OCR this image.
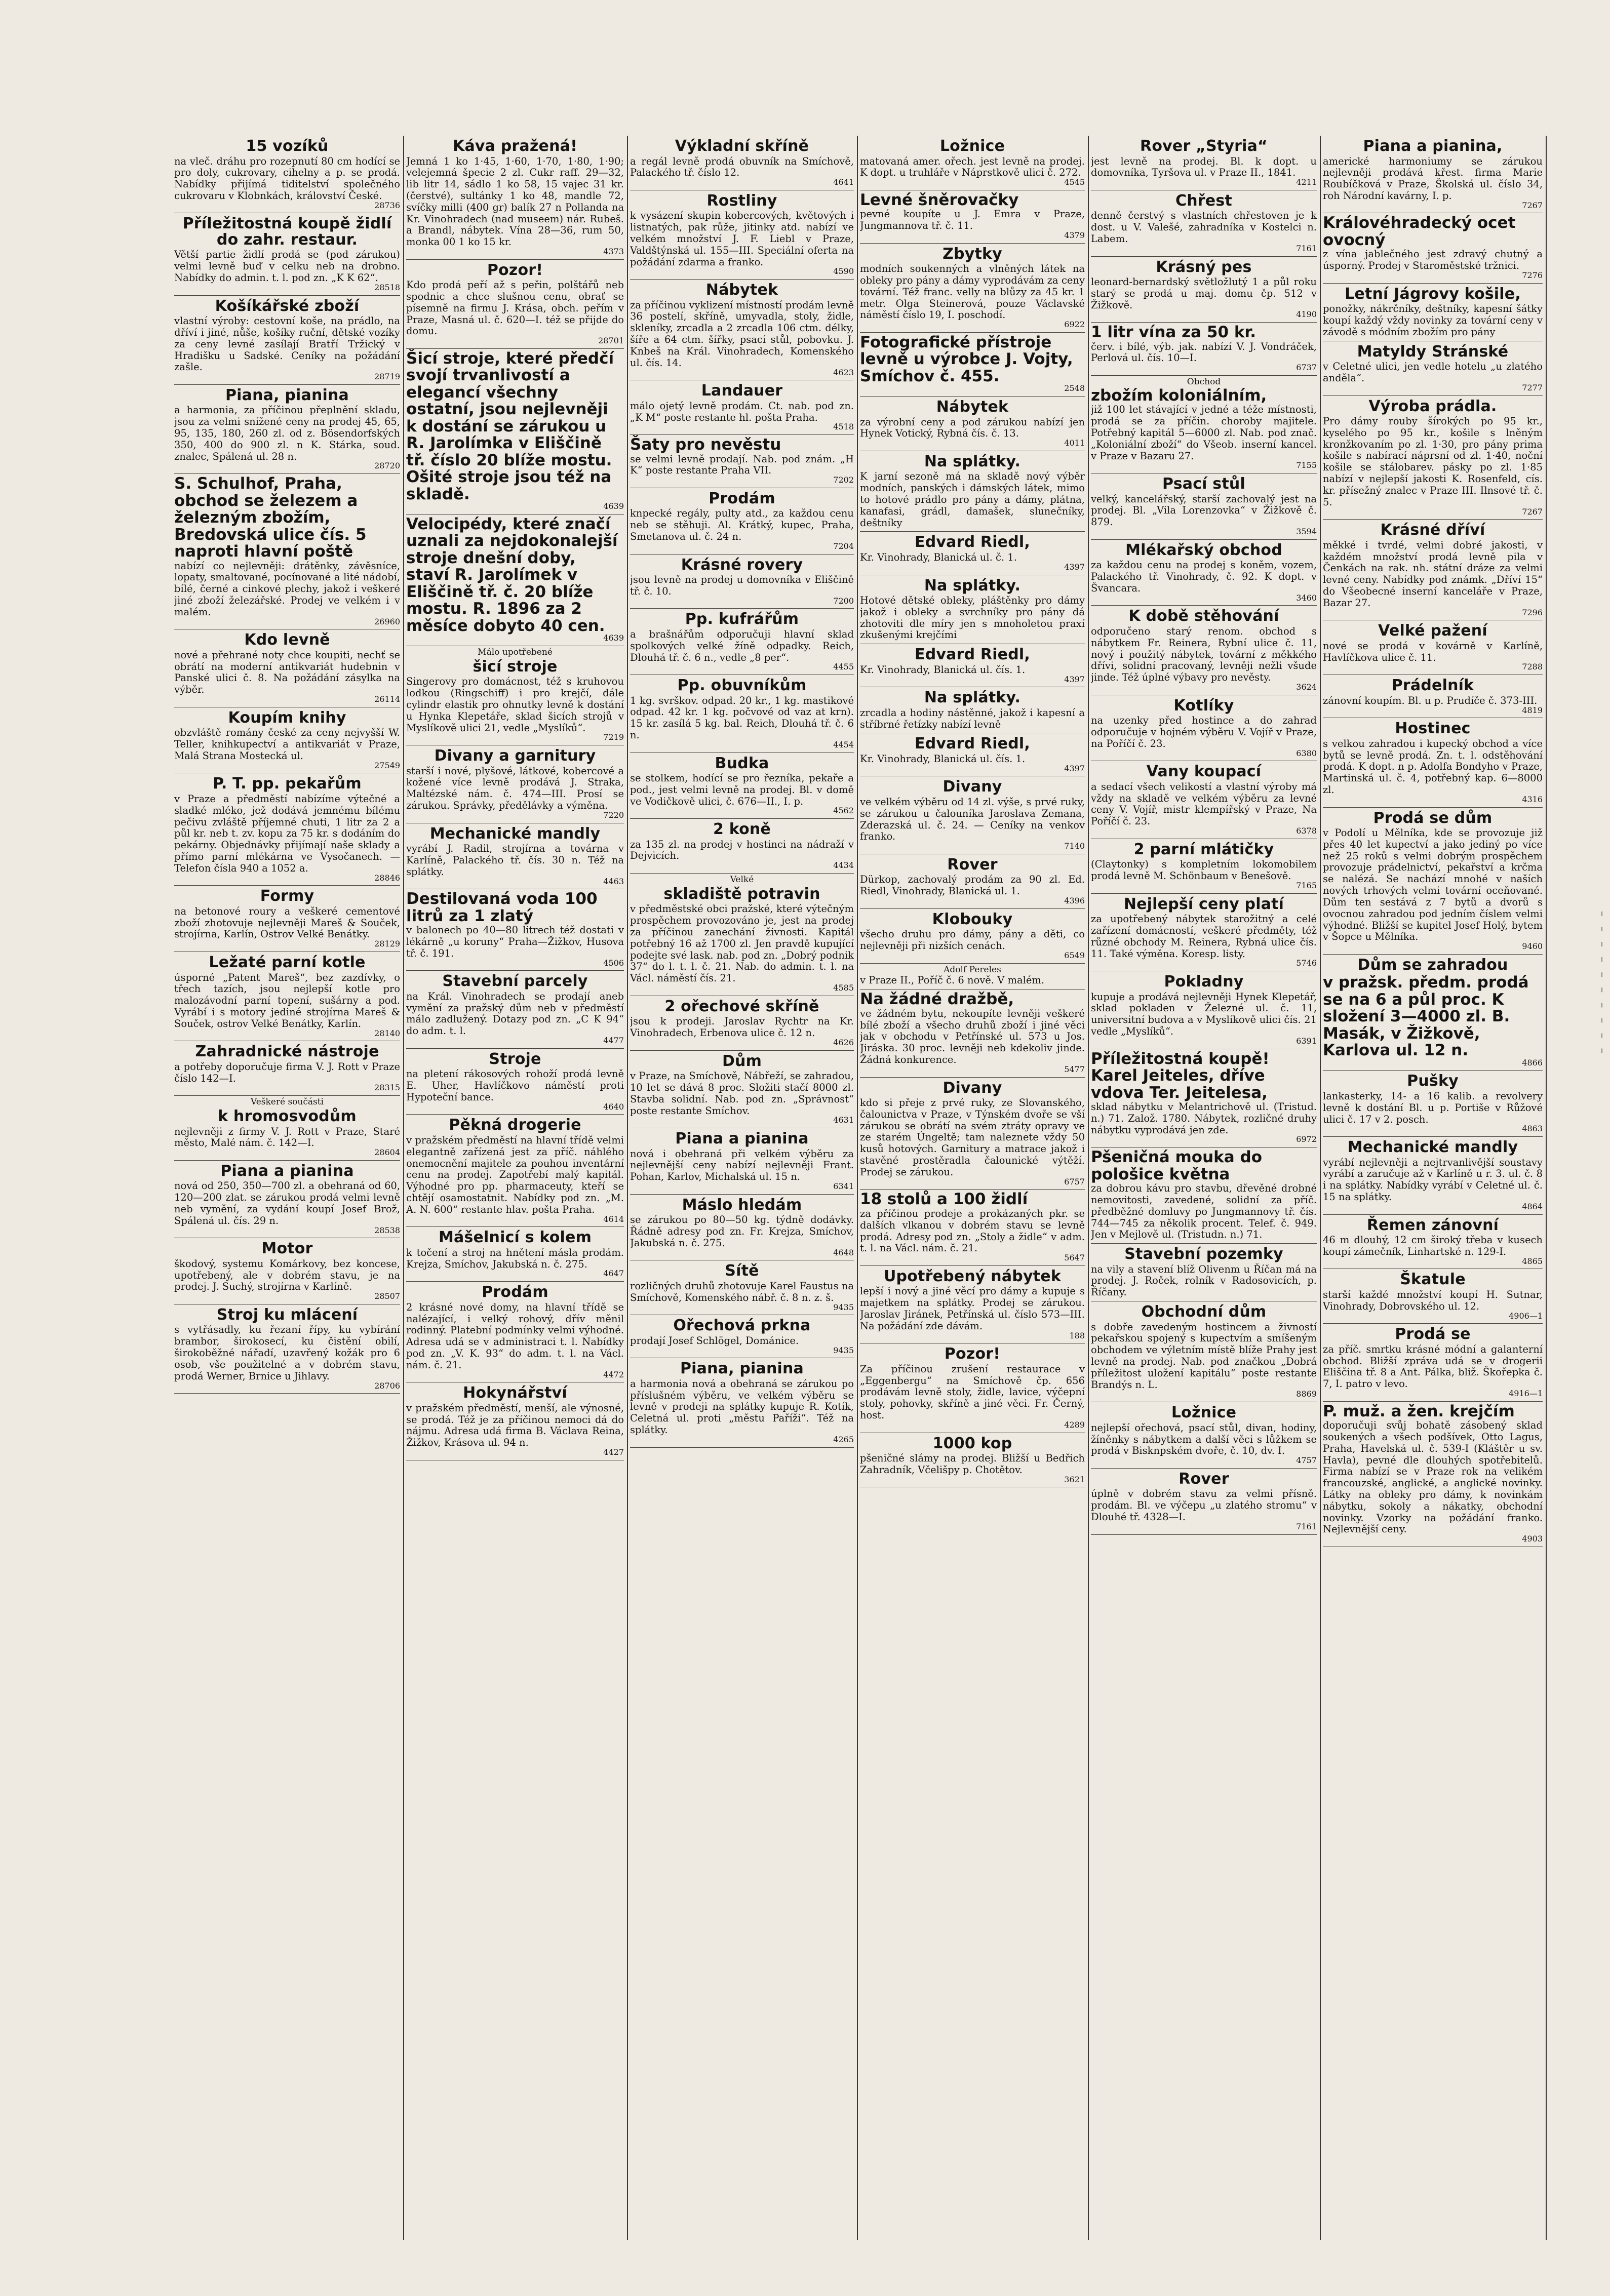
15 vozíků

na vleč. dráhu pro rozepnutí 80 cm hodící se pro doly, cukrovary, cihelny a p. se prodá. Nabídky přijímá tiditelství společného cukrovaru v Klobnkách, království České.

28736
Příležitostná koupě židlí do zahr. restaur.

Větší partie židlí prodá se (pod zárukou) velmi levně buď v celku neb na drobno. Nabídky do admin. t. l. pod zn. „K K 62“.

28518
Košíkářské zboží

vlastní výroby: cestovní koše, na prádlo, na dříví i jiné, nůše, košíky ruční, dětské vozíky za ceny levné zasílají Bratří Tržický v Hradišku u Sadské. Ceníky na požádání zašle.

28719
Piana, pianina

a harmonia, za příčinou přeplnění skladu, jsou za velmi snížené ceny na prodej 45, 65, 95, 135, 180, 260 zl. od z. Bösendorfských 350, 400 do 900 zl. n K. Stárka, soud. znalec, Spálená ul. 28 n.

28720

S. Schulhof, Praha, obchod se železem a železným zbožím, Bredovská ulice čís. 5 naproti hlavní poště

nabízí co nejlevněji: drátěnky, závěsníce, lopaty, smaltované, pocínované a lité nádobí, bílé, černé a cinkové plechy, jakož i veškeré jiné zboží železářské. Prodej ve velkém i v malém.

26960
Kdo levně

nové a přehrané noty chce koupiti, nechť se obrátí na moderní antikvariát hudebnin v Panské ulici č. 8. Na požádání zásylka na výběr.

26114
Koupím knihy

obzvláště romány české za ceny nejvyšší W. Teller, knihkupectví a antikvariát v Praze, Malá Strana Mostecká ul.

27549
P. T. pp. pekařům

v Praze a předměstí nabízíme výtečné a sladké mléko, jež dodává jemnému bílému pečivu zvláště příjemné chuti, 1 litr za 2 a půl kr. neb t. zv. kopu za 75 kr. s dodáním do pekárny. Objednávky přijímají naše sklady a přímo parní mlékárna ve Vysočanech. — Telefon čísla 940 a 1052 a.

28846
Formy

na betonové roury a veškeré cementové zboží zhotovuje nejlevněji Mareš & Souček, strojírna, Karlín, Ostrov Velké Benátky.

28129
Ležaté parní kotle

úsporné „Patent Mareš“, bez zazdívky, o třech tazích, jsou nejlepší kotle pro malozávodní parní topení, sušárny a pod. Vyrábí i s motory jediné strojírna Mareš & Souček, ostrov Velké Benátky, Karlín.

28140
Zahradnické nástroje

a potřeby doporučuje firma V. J. Rott v Praze číslo 142—I.

28315

Veškeré součásti

k hromosvodům

nejlevněji z firmy V. J. Rott v Praze, Staré město, Malé nám. č. 142—I.

28604
Piana a pianina

nová od 250, 350—700 zl. a obehraná od 60, 120—200 zlat. se zárukou prodá velmi levně neb vymění, za vydání koupí Josef Brož, Spálená ul. čís. 29 n.

28538
Motor

škodový, systemu Komárkovy, bez koncese, upotřebený, ale v dobrém stavu, je na prodej. J. Suchý, strojírna v Karlíně.

28507
Stroj ku mlácení

s vytřásadly, ku řezaní řípy, ku vybírání brambor, širokosecí, ku čistění obilí, širokoběžné nářadí, uzavřený kožák pro 6 osob, vše použitelné a v dobrém stavu, prodá Werner, Brnice u Jihlavy.

28706
Káva pražená!

Jemná 1 ko 1·45, 1·60, 1·70, 1·80, 1·90; velejemná špecie 2 zl. Cukr raff. 29—32, lib litr 14, sádlo 1 ko 58, 15 vajec 31 kr. (čerstvé), sultánky 1 ko 48, mandle 72, svíčky milli (400 gr) balík 27 n Pollanda na Kr. Vinohradech (nad museem) nár. Rubeš. a Brandl, nábytek. Vína 28—36, rum 50, monka 00 1 ko 15 kr.

4373
Pozor!

Kdo prodá peří až s peřin, polštářů neb spodnic a chce slušnou cenu, obrať se písemně na firmu J. Krása, obch. peřím v Praze, Masná ul. č. 620—I. též se přijde do domu.

28701

Šicí stroje, které předčí svojí trvanlivostí a elegancí všechny ostatní, jsou nejlevněji k dostání se zárukou u R. Jarolímka v Eliščině tř. číslo 20 blíže mostu. Ošité stroje jsou též na skladě.

4639

Velocipédy, které značí uznali za nejdokonalejší stroje dnešní doby, staví R. Jarolímek v Eliščině tř. č. 20 blíže mostu. R. 1896 za 2 měsíce dobyto 40 cen.

4639

Málo upotřebené

šicí stroje

Singerovy pro domácnost, též s kruhovou lodkou (Ringschiff) i pro krejčí, dále cylindr elastik pro ohnutky levně k dostání u Hynka Klepetáře, sklad šicích strojů v Myslíkově ulici 21, vedle „Myslíků“.

7219
Divany a garnitury

starší i nové, plyšové, látkové, kobercové a kožené více levně prodává J. Straka, Maltézské nám. č. 474—III. Prosí se zárukou. Správky, předělávky a výměna.

7220
Mechanické mandly

vyrábí J. Radil, strojírna a továrna v Karlíně, Palackého tř. čís. 30 n. Též na splátky.

4463

Destilovaná voda 100 litrů za 1 zlatý

v balonech po 40—80 litrech též dostati v lékárně „u koruny“ Praha—Žižkov, Husova tř. č. 191.

4506
Stavební parcely

na Král. Vinohradech se prodají aneb vymění za pražský dům neb v předměstí málo zadlužený. Dotazy pod zn. „C K 94“ do adm. t. l.

4477
Stroje

na pletení rákosových rohoží prodá levně E. Uher, Havlíčkovo náměstí proti Hypoteční bance.

4640
Pěkná drogerie

v pražském předměstí na hlavní třídě velmi elegantně zařízená jest za příč. náhlého onemocnění majitele za pouhou inventární cenu na prodej. Zapotřebí malý kapitál. Výhodné pro pp. pharmaceuty, kteří se chtějí osamostatnit. Nabídky pod zn. „M. A. N. 600“ restante hlav. pošta Praha.

4614
Mášelnicí s kolem

k točení a stroj na hnětení másla prodám. Krejza, Smíchov, Jakubská n. č. 275.

4647
Prodám

2 krásné nové domy, na hlavní třídě se nalézající, i velký rohový, dřív měnil rodinný. Platební podmínky velmi výhodné. Adresa udá se v administraci t. l. Nabídky pod zn. „V. K. 93“ do adm. t. l. na Václ. nám. č. 21.

4472
Hokynářství

v pražském předměstí, menší, ale výnosné, se prodá. Též je za příčinou nemoci dá do nájmu. Adresa udá firma B. Václava Reina, Žižkov, Krásova ul. 94 n.

4427
Výkladní skříně

a regál levně prodá obuvník na Smíchově, Palackého tř. číslo 12.

4641
Rostliny

k vysázení skupin kobercových, květových i listnatých, pak růže, jitinky atd. nabízí ve velkém množství J. F. Liebl v Praze, Valdštýnská ul. 155—III. Speciální oferta na požádání zdarma a franko.

4590
Nábytek

za příčinou vyklizení místností prodám levně 36 postelí, skříně, umyvadla, stoly, židle, skleníky, zrcadla a 2 zrcadla 106 ctm. délky, šíře a 64 ctm. šířky, psací stůl, pobovku. J. Knbeš na Král. Vinohradech, Komenského ul. čís. 14.

4623
Landauer

málo ojetý levně prodám. Ct. nab. pod zn. „K M“ poste restante hl. pošta Praha.

4518

Šaty pro nevěstu

se velmi levně prodají. Nab. pod znám. „H K“ poste restante Praha VII.

7202
Prodám

knpecké regály, pulty atd., za každou cenu neb se stěhuji. Al. Krátký, kupec, Praha, Smetanova ul. č. 24 n.

7204
Krásné rovery

jsou levně na prodej u domovníka v Eliščině tř. č. 10.

7200
Pp. kufrářům

a brašnářům odporučuji hlavní sklad spolkových velké žíně odpadky. Reich, Dlouhá tř. č. 6 n., vedle „8 per“.

4455
Pp. obuvníkům

1 kg. svrškov. odpad. 20 kr., 1 kg. mastikové odpad. 42 kr. 1 kg. počvové od vaz at krn). 15 kr. zasílá 5 kg. bal. Reich, Dlouhá tř. č. 6 n.

4454
Budka

se stolkem, hodící se pro řezníka, pekaře a pod., jest velmi levně na prodej. Bl. v domě ve Vodičkově ulici, č. 676—II., I. p.

4562
2 koně

za 135 zl. na prodej v hostinci na nádraží v Dejvicích.

4434

Velké

skladiště potravin

v předměstské obci pražské, které výtečným prospěchem provozováno je, jest na prodej za příčinou zanechání živnosti. Kapitál potřebný 16 až 1700 zl. Jen pravdě kupující podejte své lask. nab. pod zn. „Dobrý podnik 37“ do l. t. l. č. 21. Nab. do admin. t. l. na Václ. náměstí čís. 21.

4585
2 ořechové skříně

jsou k prodeji. Jaroslav Rychtr na Kr. Vinohradech, Erbenova ulice č. 12 n.

4626
Dům

v Praze, na Smíchově, Nábřeží, se zahradou, 10 let se dává 8 proc. Složiti stačí 8000 zl. Stavba solidní. Nab. pod zn. „Správnost“ poste restante Smíchov.

4631
Piana a pianina

nová i obehraná při velkém výběru za nejlevnější ceny nabízí nejlevněji Frant. Pohan, Karlov, Michalská ul. 15 n.

6341
Máslo hledám

se zárukou po 80—50 kg. týdně dodávky. Řádně adresy pod zn. Fr. Krejza, Smíchov, Jakubská n. č. 275.

4648
Sítě

rozličných druhů zhotovuje Karel Faustus na Smíchově, Komenského nábř. č. 8 n. z. š.

9435
Ořechová prkna

prodají Josef Schlögel, Dománice.

9435
Piana, pianina

a harmonia nová a obehraná se zárukou po příslušném výběru, ve velkém výběru se levně v prodeji na splátky kupuje R. Kotík, Celetná ul. proti „městu Paříži“. Též na splátky.

4265
Ložnice

matovaná amer. ořech. jest levně na prodej. K dopt. u truhláře v Náprstkově ulici č. 272.

4545

Levné šněrovačky

pevné koupíte u J. Emra v Praze, Jungmannova tř. č. 11.

4379
Zbytky

modních soukenných a vlněných látek na obleky pro pány a dámy vyprodávám za ceny tovární. Též franc. velly na blůzy za 45 kr. 1 metr. Olga Steinerová, pouze Václavské náměstí číslo 19, I. poschodí.

6922

Fotografické přístroje levně u výrobce J. Vojty, Smíchov č. 455.

2548
Nábytek

za výrobní ceny a pod zárukou nabízí jen Hynek Votický, Rybná čís. č. 13.

4011
Na splátky.

K jarní sezoně má na skladě nový výběr modních, panských i dámských látek, mimo to hotové prádlo pro pány a dámy, plátna, kanafasi, grádl, damašek, slunečníky, deštníky

Edvard Riedl,

Kr. Vinohrady, Blanická ul. č. 1.

4397
Na splátky.

Hotové dětské obleky, pláštěnky pro dámy jakož i obleky a svrchníky pro pány dá zhotoviti dle míry jen s mnoholetou praxí zkušenými krejčími

Edvard Riedl,

Kr. Vinohrady, Blanická ul. čís. 1.

4397
Na splátky.

zrcadla a hodiny nástěnné, jakož i kapesní a stříbrné řetízky nabízí levně

Edvard Riedl,

Kr. Vinohrady, Blanická ul. čís. 1.

4397
Divany

ve velkém výběru od 14 zl. výše, s prvé ruky, se zárukou u čalouníka Jaroslava Zemana, Zderazská ul. č. 24. — Ceníky na venkov franko.

7140
Rover

Dürkop, zachovalý prodám za 90 zl. Ed. Riedl, Vinohrady, Blanická ul. 1.

4396
Klobouky

všecho druhu pro dámy, pány a děti, co nejlevněji při nizších cenách.

6549

Adolf Pereles

v Praze II., Poříč č. 6 nově. V malém.

Na žádné dražbě,

ve žádném bytu, nekoupíte levněji veškeré bílé zboží a všecho druhů zboží i jiné věci jak v obchodu v Petřínské ul. 573 u Jos. Jiráska. 30 proc. levněji neb kdekoliv jinde. Žádná konkurence.

5477
Divany

kdo si přeje z prvé ruky, ze Slovanského, čalounictva v Praze, v Týnském dvoře se vší zárukou se obrátí na svém ztráty opravy ve ze starém Úngeltě; tam naleznete vždy 50 kusů hotových. Garnitury a matrace jakož i stavěné prostěradla čalounické výtěží. Prodej se zárukou.

6757

18 stolů a 100 židlí

za příčinou prodeje a prokázaných pkr. se dalších vlkanou v dobrém stavu se levně prodá. Adresy pod zn. „Stoly a židle“ v adm. t. l. na Václ. nám. č. 21.

5647
Upotřebený nábytek

lepší i nový a jiné věcí pro dámy a kupuje s majetkem na splátky. Prodej se zárukou. Jaroslav Jiránek, Petřínská ul. číslo 573—III. Na požádání zde dávám.

188
Pozor!

Za příčinou zrušení restaurace v „Eggenbergu“ na Smíchově čp. 656 prodávám levně stoly, židle, lavice, výčepní stoly, pohovky, skříně a jiné věci. Fr. Černý, host.

4289
1000 kop

pšeničné slámy na prodej. Bližší u Bedřich Zahradník, Včelišpy p. Chotětov.

3621
Rover „Styria“

jest levně na prodej. Bl. k dopt. u domovníka, Tyršova ul. v Praze II., 1841.

4211
Chřest

denně čerstvý s vlastních chřestoven je k dost. u V. Valešé, zahradníka v Kostelci n. Labem.

7161
Krásný pes

leonard-bernardský světložlutý 1 a půl roku starý se prodá u maj. domu čp. 512 v Žižkově.

4190

1 litr vína za 50 kr.

červ. i bílé, výb. jak. nabízí V. J. Vondráček, Perlová ul. čís. 10—I.

6737

Obchod

zbožím koloniálním,

již 100 let stávající v jedné a téže místnosti, prodá se za příčin. choroby majitele. Potřebný kapitál 5—6000 zl. Nab. pod znač. „Koloniální zboží“ do Všeob. inserní kancel. v Praze v Bazaru 27.

7155
Psací stůl

velký, kancelářský, starší zachovalý jest na prodej. Bl. „Vila Lorenzovka“ v Žižkově č. 879.

3594
Mlékařský obchod

za každou cenu na prodej s koněm, vozem, Palackého tř. Vinohrady, č. 92. K dopt. v Švancara.

3460
K době stěhování

odporučeno starý renom. obchod s nábytkem Fr. Reinera, Rybní ulice č. 11, nový i použitý nábytek, tovární z měkkého dřívi, solidní pracovaný, levněji nežli všude jinde. Též úplné výbavy pro nevěsty.

3624
Kotlíky

na uzenky před hostince a do zahrad odporučuje v hojném výběru V. Vojíř v Praze, na Poříčí č. 23.

6380
Vany koupací

a sedací všech velikostí a vlastní výroby má vždy na skladě ve velkém výběru za levné ceny V. Vojíř, mistr klempířský v Praze, Na Poříčí č. 23.

6378
2 parní mlátičky

(Claytonky) s kompletním lokomobilem prodá levně M. Schönbaum v Benešově.

7165
Nejlepší ceny platí

za upotřebený nábytek starožitný a celé zařízení domácností, veškeré předměty, též různé obchody M. Reinera, Rybná ulice čís. 11. Také výměna. Koresp. listy.

5746
Pokladny

kupuje a prodává nejlevněji Hynek Klepetář, sklad pokladen v Železné ul. č. 11, universitní budova a v Myslíkově ulici čís. 21 vedle „Myslíků“.

6391

Příležitostná koupě! Karel Jeiteles, dříve vdova Ter. Jeitelesa,

sklad nábytku v Melantrichově ul. (Tristud. n.) 71. Založ. 1780. Nábytek, rozličné druhy nábytku vyprodává jen zde.

6972

Pšeničná mouka do pološice května

za dobrou kávu pro stavbu, dřevěné drobné nemovitosti, zavedené, solidní za příč. předběžné domluvy po Jungmannovy tř. čís. 744—745 za několik procent. Telef. č. 949. Jen v Mejlově ul. (Tristudn. n.) 71.

Stavební pozemky

na vily a stavení blíž Olivenm u Říčan má na prodej. J. Roček, rolník v Radosovicích, p. Říčany.

Obchodní dům

s dobře zavedeným hostincem a živností pekařskou spojený s kupectvím a smíšeným obchodem ve výletním místě blíže Prahy jest levně na prodej. Nab. pod značkou „Dobrá příležitost uložení kapitálu“ poste restante Brandýs n. L.

8869
Ložnice

nejlepší ořechová, psací stůl, divan, hodiny, žíněnky s nábytkem a další věci s lůžkem se prodá v Bisknpském dvoře, č. 10, dv. I.

4757
Rover

úplně v dobrém stavu za velmi přísně. prodám. Bl. ve výčepu „u zlatého stromu“ v Dlouhé tř. 4328—I.

7161
Piana a pianina,

americké harmoniumy se zárukou nejlevněji prodává křest. firma Marie Roubíčková v Praze, Školská ul. číslo 34, roh Národní kavárny, I. p.

7267

Královéhradecký ocet ovocný

z vína jablečného jest zdravý chutný a úsporný. Prodej v Staroměstské tržnici.

7276
Letní Jágrovy košile,

ponožky, nákrčníky, deštníky, kapesní šátky koupí každý vždy novinky za tovární ceny v závodě s módním zbožím pro pány

Matyldy Stránské

v Celetné ulici, jen vedle hotelu „u zlatého anděla“.

7277
Výroba prádla.

Pro dámy rouby šírokých po 95 kr., kyselého po 95 kr., košile s lněným kronžkovaním po zl. 1·30, pro pány prima košile s nabírací náprsní od zl. 1·40, noční košile se stálobarev. pásky po zl. 1·85 nabízí v nejlepší jakosti K. Rosenfeld, cís. kr. přísežný znalec v Praze III. Ilnsové tř. č. 5.

7267
Krásné dříví

měkké i tvrdé, velmi dobré jakosti, v každém množství prodá levně pila v Čenkách na rak. nh. státní dráze za velmi levné ceny. Nabídky pod známk. „Dříví 15“ do Všeobecné inserní kanceláře v Praze, Bazar 27.

7296
Velké pažení

nové se prodá v kovárně v Karlíně, Havlíčkova ulice č. 11.

7288
Prádelník

zánovní koupím. Bl. u p. Prudíče č. 373-III.

4819
Hostinec

s velkou zahradou i kupecký obchod a více bytů se levně prodá. Zn. t. l. odstěhování prodá. K dopt. n p. Adolfa Bondyho v Praze, Martinská ul. č. 4, potřebný kap. 6—8000 zl.

4316
Prodá se dům

v Podolí u Mělníka, kde se provozuje již přes 40 let kupectví a jako jediný po více než 25 roků s velmi dobrým prospěchem provozuje prádelnictví, pekařství a krčma se nalézá. Se nachází mnohé v naších nových trhových velmi tovární oceňované. Dům ten sestává z 7 bytů a dvorů s ovocnou zahradou pod jedním číslem velmi výhodné. Bližší se kupitel Josef Holý, bytem v Šopce u Mělníka.

9460
Dům se zahradou

v pražsk. předm. prodá se na 6 a půl proc. K složení 3—4000 zl. B. Masák, v Žižkově, Karlova ul. 12 n.

4866
Pušky

lankasterky, 14- a 16 kalib. a revolvery levně k dostání Bl. u p. Portiše v Růžové ulici č. 17 v 2. posch.

4863
Mechanické mandly

vyrábí nejlevněji a nejtrvanlivější soustavy vyrábí a zaručuje až v Karlíně u r. 3. ul. č. 8 i na splátky. Nabídky vyrábí v Celetné ul. č. 15 na splátky.

4864
Řemen zánovní

46 m dlouhý, 12 cm široký třeba v kusech koupí zámečník, Linhartské n. 129-I.

4865
Škatule

starší každé množství koupí H. Sutnar, Vinohrady, Dobrovského ul. 12.

4906—1
Prodá se

za příč. smrtku krásné módní a galanterní obchod. Bližší zpráva udá se v drogerii Eliščina tř. 8 a Ant. Pálka, bliž. Škořepka č. 7, I. patro v levo.

4916—1

P. muž. a žen. krejčím

doporučuji svůj bohatě zásobený sklad soukených a všech podšívek, Otto Lagus, Praha, Havelská ul. č. 539-I (Kláštěr u sv. Havla), pevné dle dlouhých spotřebitelů. Firma nabízí se v Praze rok na velikém francouzské, anglické, a anglické novinky. Látky na obleky pro dámy, k novinkám nábytku, sokoly a nákatky, obchodní novinky. Vzorky na požádání franko. Nejlevnější ceny.

4903
— — — — — — — — — —
